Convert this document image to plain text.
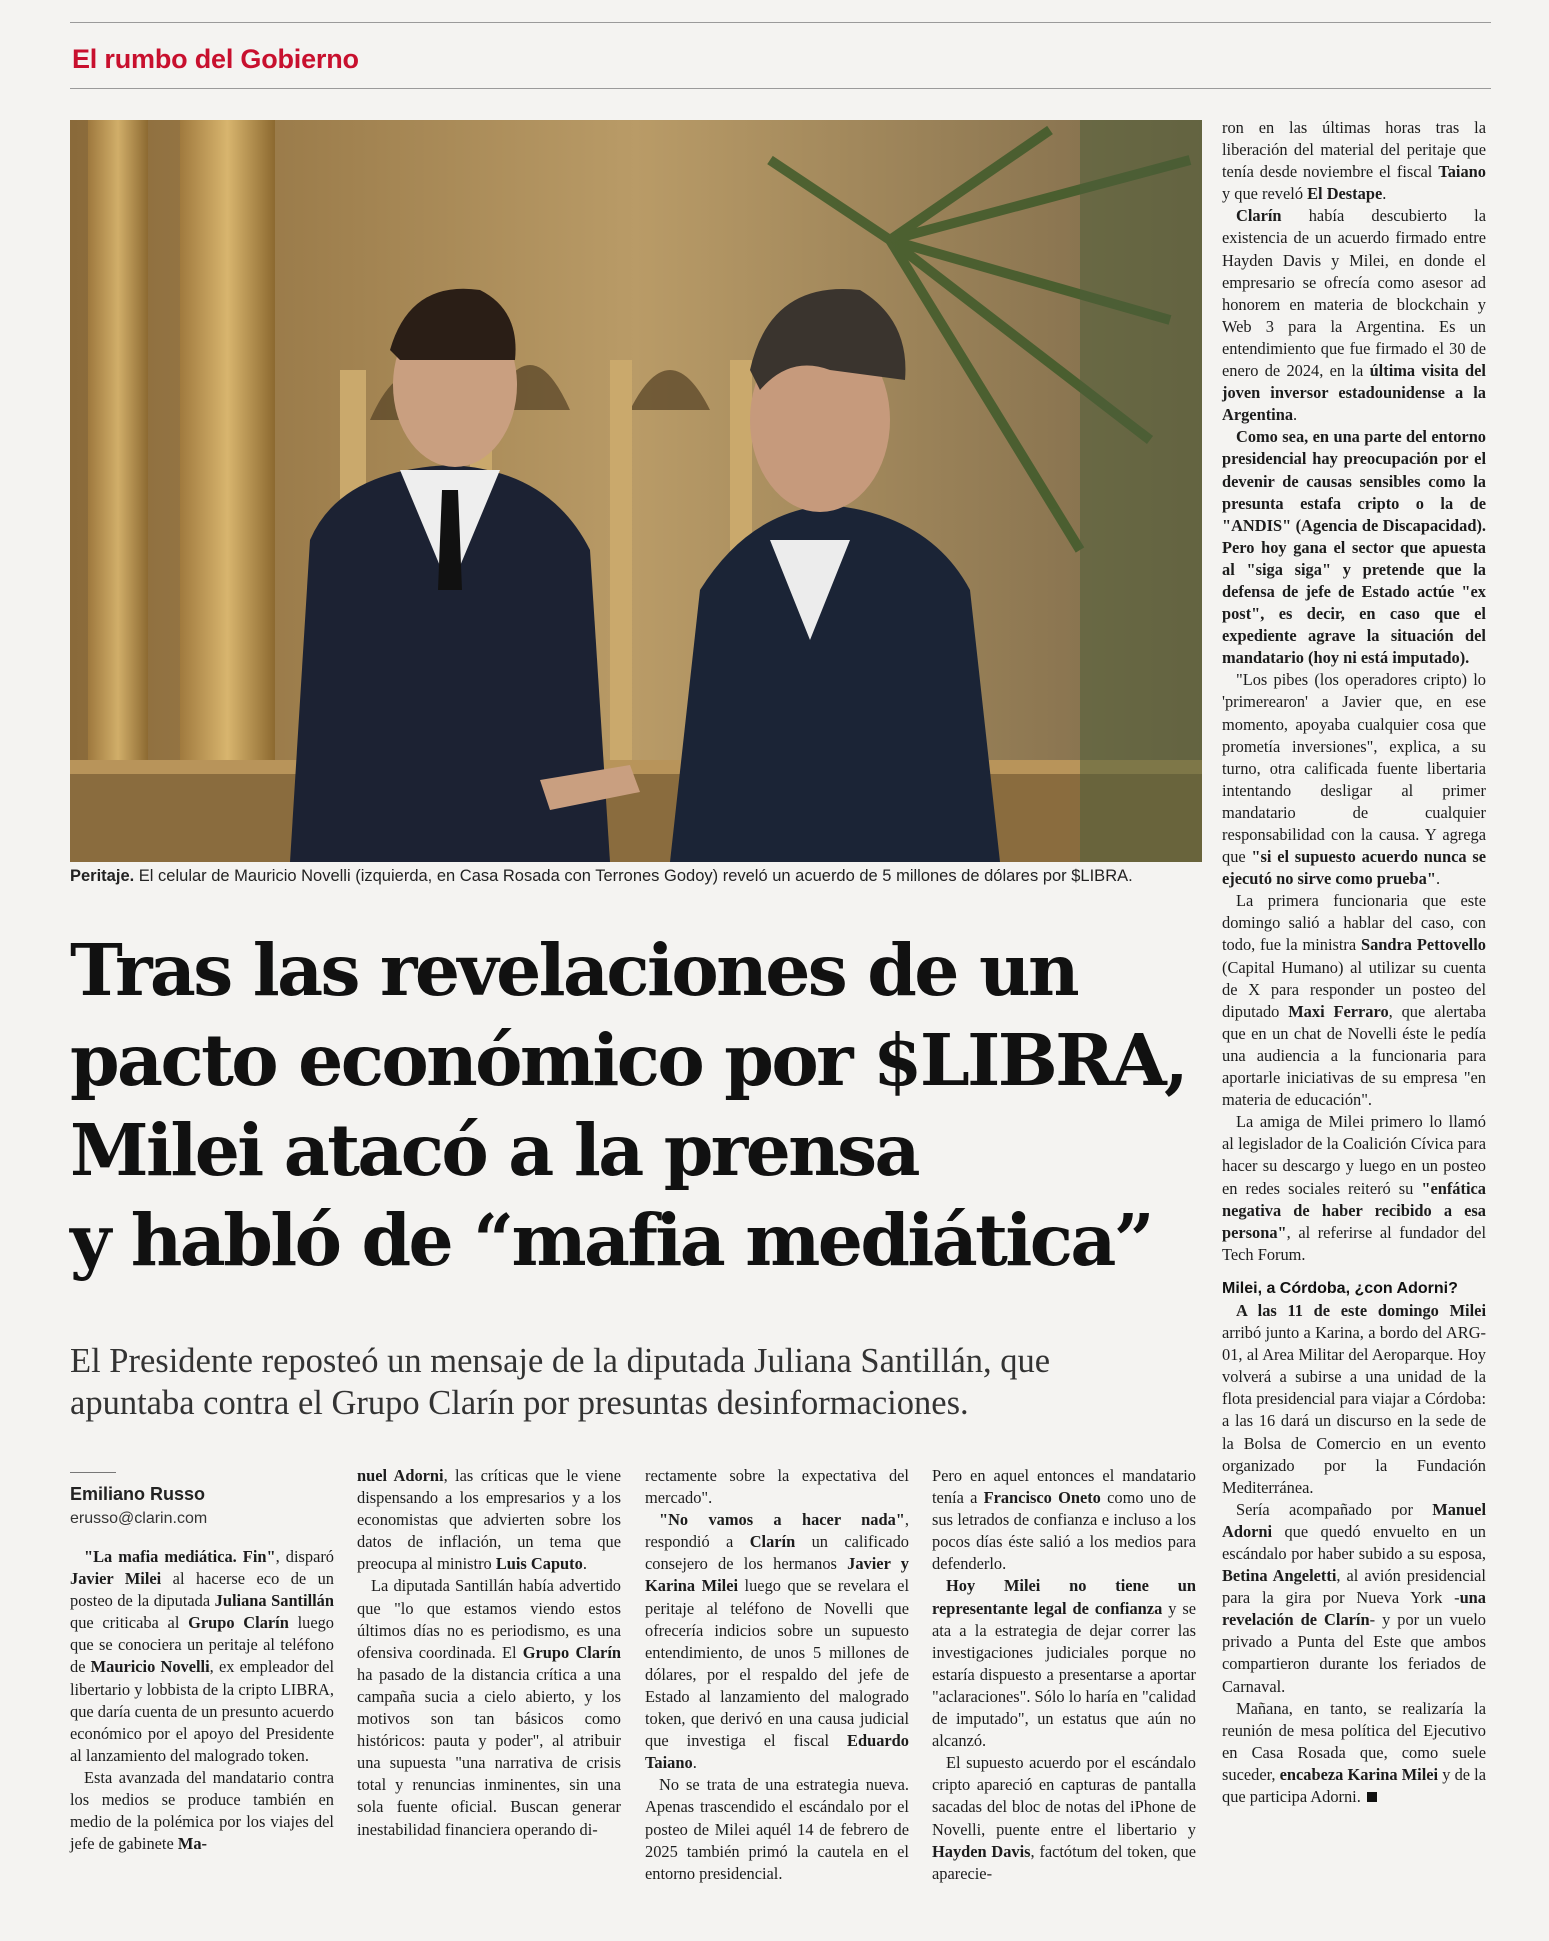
El rumbo del Gobierno
Peritaje. El celular de Mauricio Novelli (izquierda, en Casa Rosada con Terrones Godoy) reveló un acuerdo de 5 millones de dólares por $LIBRA.
Tras las revelaciones de un
pacto económico por $LIBRA,
Milei atacó a la prensa
y habló de “mafia mediática”
El Presidente reposteó un mensaje de la diputada Juliana Santillán, que
apuntaba contra el Grupo Clarín por presuntas desinformaciones.
Emiliano Russo
erusso@clarin.com

"La mafia mediática. Fin", disparó Javier Milei al hacerse eco de un posteo de la diputada Juliana Santillán que criticaba al Grupo Clarín luego que se conociera un peritaje al teléfono de Mauricio Novelli, ex empleador del libertario y lobbista de la cripto LIBRA, que daría cuenta de un presunto acuerdo económico por el apoyo del Presidente al lanzamiento del malogrado token.

Esta avanzada del mandatario contra los medios se produce también en medio de la polémica por los viajes del jefe de gabinete Ma-

nuel Adorni, las críticas que le viene dispensando a los empresarios y a los economistas que advierten sobre los datos de inflación, un tema que preocupa al ministro Luis Caputo.

La diputada Santillán había advertido que "lo que estamos viendo estos últimos días no es periodismo, es una ofensiva coordinada. El Grupo Clarín ha pasado de la distancia crítica a una campaña sucia a cielo abierto, y los motivos son tan básicos como históricos: pauta y poder", al atribuir una supuesta "una narrativa de crisis total y renuncias inminentes, sin una sola fuente oficial. Buscan generar inestabilidad financiera operando di-

rectamente sobre la expectativa del mercado".

"No vamos a hacer nada", respondió a Clarín un calificado consejero de los hermanos Javier y Karina Milei luego que se revelara el peritaje al teléfono de Novelli que ofrecería indicios sobre un supuesto entendimiento, de unos 5 millones de dólares, por el respaldo del jefe de Estado al lanzamiento del malogrado token, que derivó en una causa judicial que investiga el fiscal Eduardo Taiano.

No se trata de una estrategia nueva. Apenas trascendido el escándalo por el posteo de Milei aquél 14 de febrero de 2025 también primó la cautela en el entorno presidencial.

Pero en aquel entonces el mandatario tenía a Francisco Oneto como uno de sus letrados de confianza e incluso a los pocos días éste salió a los medios para defenderlo.

Hoy Milei no tiene un representante legal de confianza y se ata a la estrategia de dejar correr las investigaciones judiciales porque no estaría dispuesto a presentarse a aportar "aclaraciones". Sólo lo haría en "calidad de imputado", un estatus que aún no alcanzó.

El supuesto acuerdo por el escándalo cripto apareció en capturas de pantalla sacadas del bloc de notas del iPhone de Novelli, puente entre el libertario y Hayden Davis, factótum del token, que aparecie-

ron en las últimas horas tras la liberación del material del peritaje que tenía desde noviembre el fiscal Taiano y que reveló El Destape.

Clarín había descubierto la existencia de un acuerdo firmado entre Hayden Davis y Milei, en donde el empresario se ofrecía como asesor ad honorem en materia de blockchain y Web 3 para la Argentina. Es un entendimiento que fue firmado el 30 de enero de 2024, en la última visita del joven inversor estadounidense a la Argentina.

Como sea, en una parte del entorno presidencial hay preocupación por el devenir de causas sensibles como la presunta estafa cripto o la de "ANDIS" (Agencia de Discapacidad). Pero hoy gana el sector que apuesta al "siga siga" y pretende que la defensa de jefe de Estado actúe "ex post", es decir, en caso que el expediente agrave la situación del mandatario (hoy ni está imputado).

"Los pibes (los operadores cripto) lo 'primerearon' a Javier que, en ese momento, apoyaba cualquier cosa que prometía inversiones", explica, a su turno, otra calificada fuente libertaria intentando desligar al primer mandatario de cualquier responsabilidad con la causa. Y agrega que "si el supuesto acuerdo nunca se ejecutó no sirve como prueba".

La primera funcionaria que este domingo salió a hablar del caso, con todo, fue la ministra Sandra Pettovello (Capital Humano) al utilizar su cuenta de X para responder un posteo del diputado Maxi Ferraro, que alertaba que en un chat de Novelli éste le pedía una audiencia a la funcionaria para aportarle iniciativas de su empresa "en materia de educación".

La amiga de Milei primero lo llamó al legislador de la Coalición Cívica para hacer su descargo y luego en un posteo en redes sociales reiteró su "enfática negativa de haber recibido a esa persona", al referirse al fundador del Tech Forum.

Milei, a Córdoba, ¿con Adorni?

A las 11 de este domingo Milei arribó junto a Karina, a bordo del ARG-01, al Area Militar del Aeroparque. Hoy volverá a subirse a una unidad de la flota presidencial para viajar a Córdoba: a las 16 dará un discurso en la sede de la Bolsa de Comercio en un evento organizado por la Fundación Mediterránea.

Sería acompañado por Manuel Adorni que quedó envuelto en un escándalo por haber subido a su esposa, Betina Angeletti, al avión presidencial para la gira por Nueva York -una revelación de Clarín- y por un vuelo privado a Punta del Este que ambos compartieron durante los feriados de Carnaval.

Mañana, en tanto, se realizaría la reunión de mesa política del Ejecutivo en Casa Rosada que, como suele suceder, encabeza Karina Milei y de la que participa Adorni.
